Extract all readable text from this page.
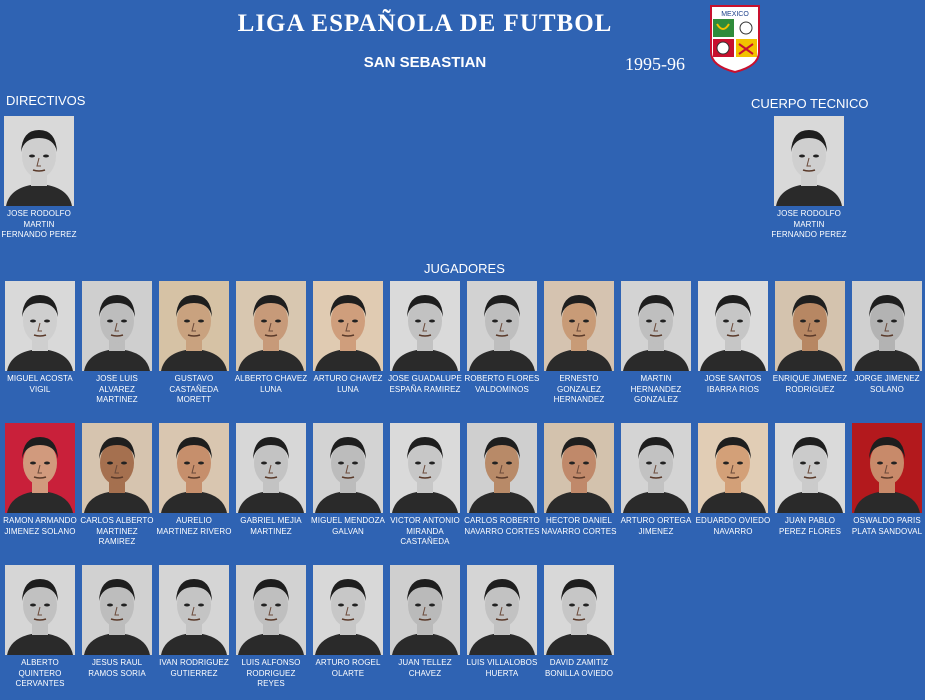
LIGA ESPAÑOLA DE FUTBOL
SAN SEBASTIAN	1995-96
MEXICO
DIRECTIVOS	CUERPO TECNICO
JUGADORES
JOSE RODOLFO MARTIN FERNANDO PEREZ
JOSE RODOLFO MARTIN FERNANDO PEREZ
MIGUEL ACOSTA VIGIL
JOSE LUIS ALVAREZ MARTINEZ
GUSTAVO CASTAÑEDA MORETT
ALBERTO CHAVEZ LUNA
ARTURO CHAVEZ LUNA
JOSE GUADALUPE ESPAÑA RAMIREZ
ROBERTO FLORES VALDOMINOS
ERNESTO GONZALEZ HERNANDEZ
MARTIN HERNANDEZ GONZALEZ
JOSE SANTOS IBARRA RIOS
ENRIQUE JIMENEZ RODRIGUEZ
JORGE JIMENEZ SOLANO
RAMON ARMANDO JIMENEZ SOLANO
CARLOS ALBERTO MARTINEZ RAMIREZ
AURELIO MARTINEZ RIVERO
GABRIEL MEJIA MARTINEZ
MIGUEL MENDOZA GALVAN
VICTOR ANTONIO MIRANDA CASTAÑEDA
CARLOS ROBERTO NAVARRO CORTES
HECTOR DANIEL NAVARRO CORTES
ARTURO ORTEGA JIMENEZ
EDUARDO OVIEDO NAVARRO
JUAN PABLO PEREZ FLORES
OSWALDO PARIS PLATA SANDOVAL
ALBERTO QUINTERO CERVANTES
JESUS RAUL RAMOS SORIA
IVAN RODRIGUEZ GUTIERREZ
LUIS ALFONSO RODRIGUEZ REYES
ARTURO ROGEL OLARTE
JUAN TELLEZ CHAVEZ
LUIS VILLALOBOS HUERTA
DAVID ZAMITIZ BONILLA OVIEDO
